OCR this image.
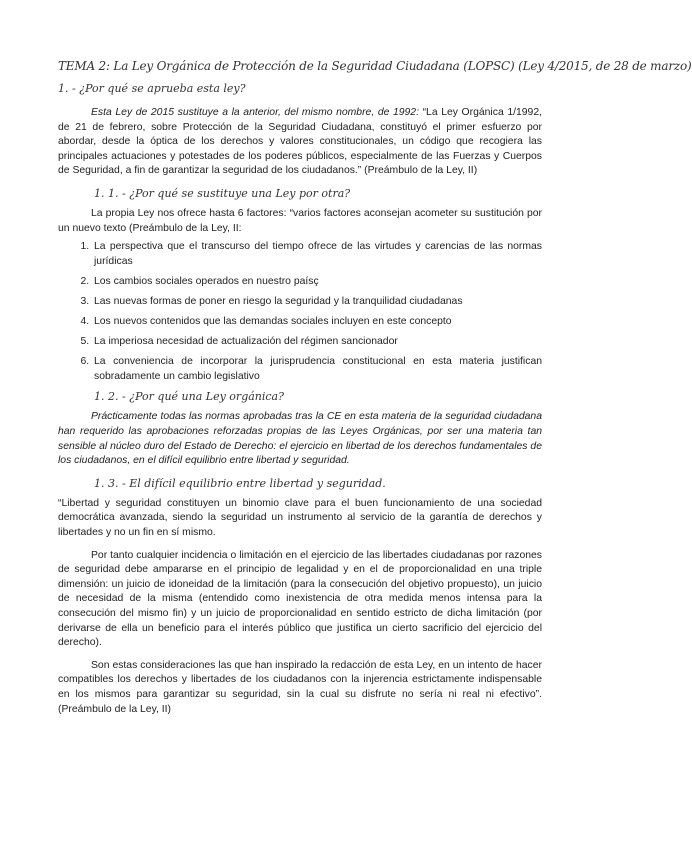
TEMA 2: La Ley Orgánica de Protección de la Seguridad Ciudadana (LOPSC) (Ley 4/2015, de 28 de marzo)
1. - ¿Por qué se aprueba esta ley?

Esta Ley de 2015 sustituye a la anterior, del mismo nombre, de 1992: “La Ley Orgánica 1/1992, de 21 de febrero, sobre Protección de la Seguridad Ciudadana, constituyó el primer esfuerzo por abordar, desde la óptica de los derechos y valores constitucionales, un código que recogiera las principales actuaciones y potestades de los poderes públicos, especialmente de las Fuerzas y Cuerpos de Seguridad, a fin de garantizar la seguridad de los ciudadanos.” (Preámbulo de la Ley, II)

1. 1. - ¿Por qué se sustituye una Ley por otra?

La propia Ley nos ofrece hasta 6 factores: “varios factores aconsejan acometer su sustitución por un nuevo texto (Preámbulo de la Ley, II:

1. La perspectiva que el transcurso del tiempo ofrece de las virtudes y carencias de las normas jurídicas
2. Los cambios sociales operados en nuestro paísç
3. Las nuevas formas de poner en riesgo la seguridad y la tranquilidad ciudadanas
4. Los nuevos contenidos que las demandas sociales incluyen en este concepto
5. La imperiosa necesidad de actualización del régimen sancionador
6. La conveniencia de incorporar la jurisprudencia constitucional en esta materia justifican sobradamente un cambio legislativo
1. 2. - ¿Por qué una Ley orgánica?

Prácticamente todas las normas aprobadas tras la CE en esta materia de la seguridad ciudadana han requerido las aprobaciones reforzadas propias de las Leyes Orgánicas, por ser una materia tan sensible al núcleo duro del Estado de Derecho: el ejercicio en libertad de los derechos fundamentales de los ciudadanos, en el difícil equilibrio entre libertad y seguridad.

1. 3. - El difícil equilibrio entre libertad y seguridad.

“Libertad y seguridad constituyen un binomio clave para el buen funcionamiento de una sociedad democrática avanzada, siendo la seguridad un instrumento al servicio de la garantía de derechos y libertades y no un fin en sí mismo.

Por tanto cualquier incidencia o limitación en el ejercicio de las libertades ciudadanas por razones de seguridad debe ampararse en el principio de legalidad y en el de proporcionalidad en una triple dimensión: un juicio de idoneidad de la limitación (para la consecución del objetivo propuesto), un juicio de necesidad de la misma (entendido como inexistencia de otra medida menos intensa para la consecución del mismo fin) y un juicio de proporcionalidad en sentido estricto de dicha limitación (por derivarse de ella un beneficio para el interés público que justifica un cierto sacrificio del ejercicio del derecho).

Son estas consideraciones las que han inspirado la redacción de esta Ley, en un intento de hacer compatibles los derechos y libertades de los ciudadanos con la injerencia estrictamente indispensable en los mismos para garantizar su seguridad, sin la cual su disfrute no sería ni real ni efectivo”. (Preámbulo de la Ley, II)
